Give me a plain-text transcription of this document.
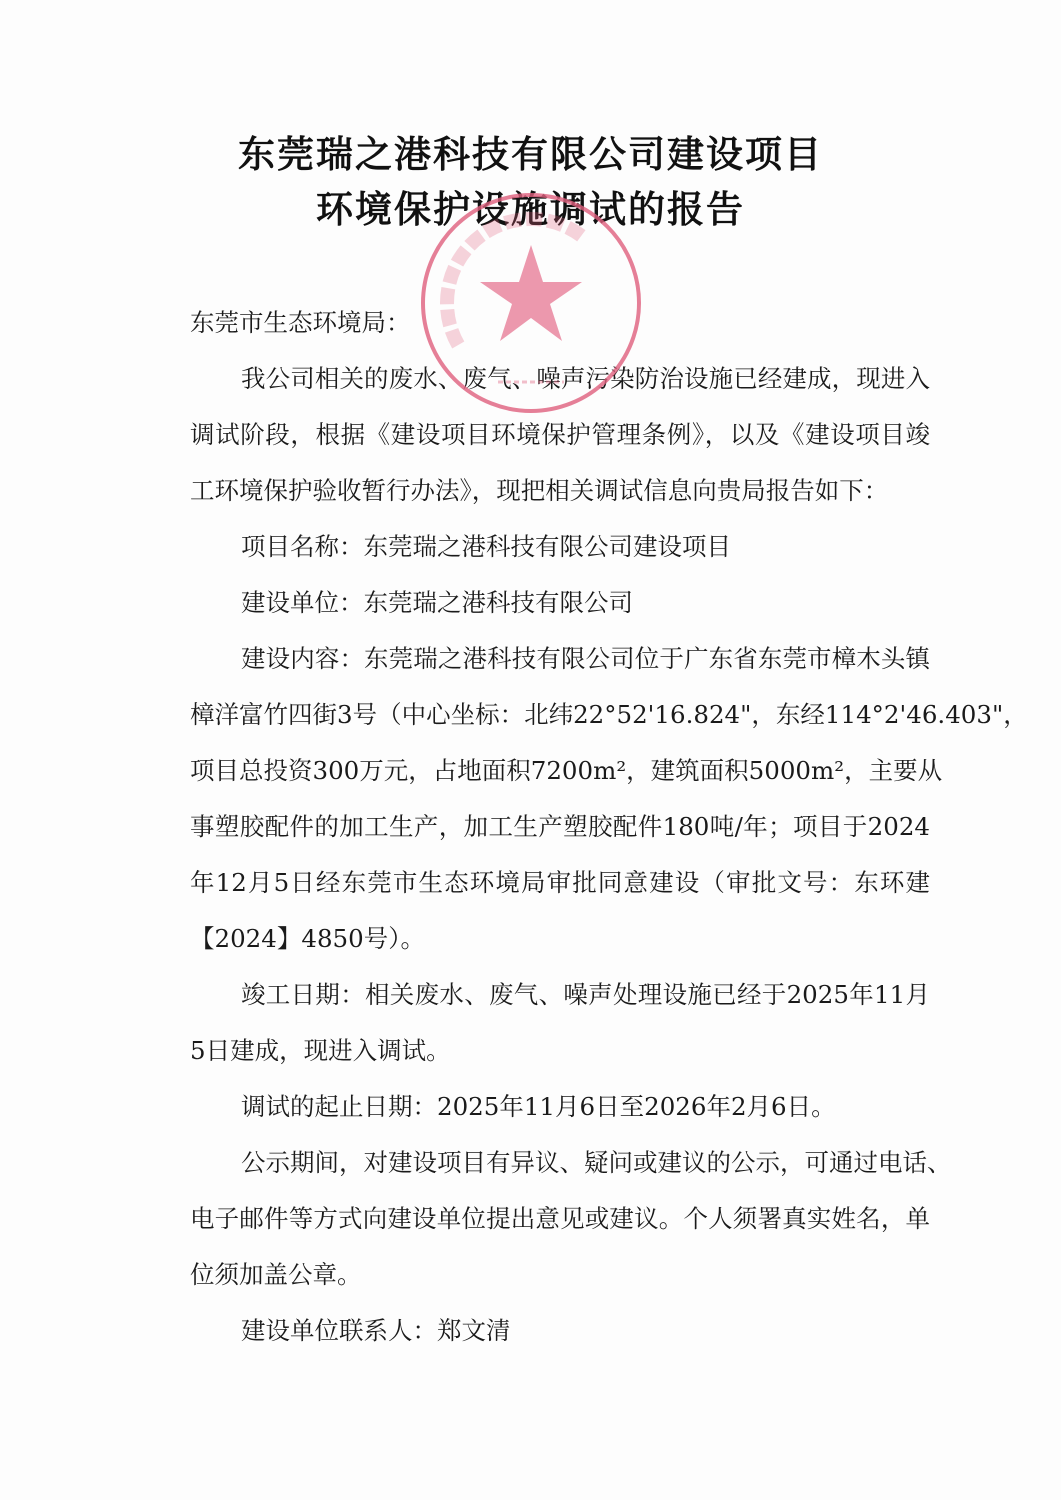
东莞瑞之港科技有限公司建设项目
环境保护设施调试的报告
东莞市生态环境局：
我公司相关的废水、废气、噪声污染防治设施已经建成，现进入
调试阶段，根据《建设项目环境保护管理条例》，以及《建设项目竣
工环境保护验收暂行办法》，现把相关调试信息向贵局报告如下：
项目名称：东莞瑞之港科技有限公司建设项目
建设单位：东莞瑞之港科技有限公司
建设内容：东莞瑞之港科技有限公司位于广东省东莞市樟木头镇
樟洋富竹四街3号（中心坐标：北纬22°52'16.824"，东经114°2'46.403"，
项目总投资300万元，占地面积7200m²，建筑面积5000m²，主要从
事塑胶配件的加工生产，加工生产塑胶配件180吨/年；项目于2024
年12月5日经东莞市生态环境局审批同意建设（审批文号：东环建
【2024】4850号）。
竣工日期：相关废水、废气、噪声处理设施已经于2025年11月
5日建成，现进入调试。
调试的起止日期：2025年11月6日至2026年2月6日。
公示期间，对建设项目有异议、疑问或建议的公示，可通过电话、
电子邮件等方式向建设单位提出意见或建议。个人须署真实姓名，单
位须加盖公章。
建设单位联系人：郑文清
